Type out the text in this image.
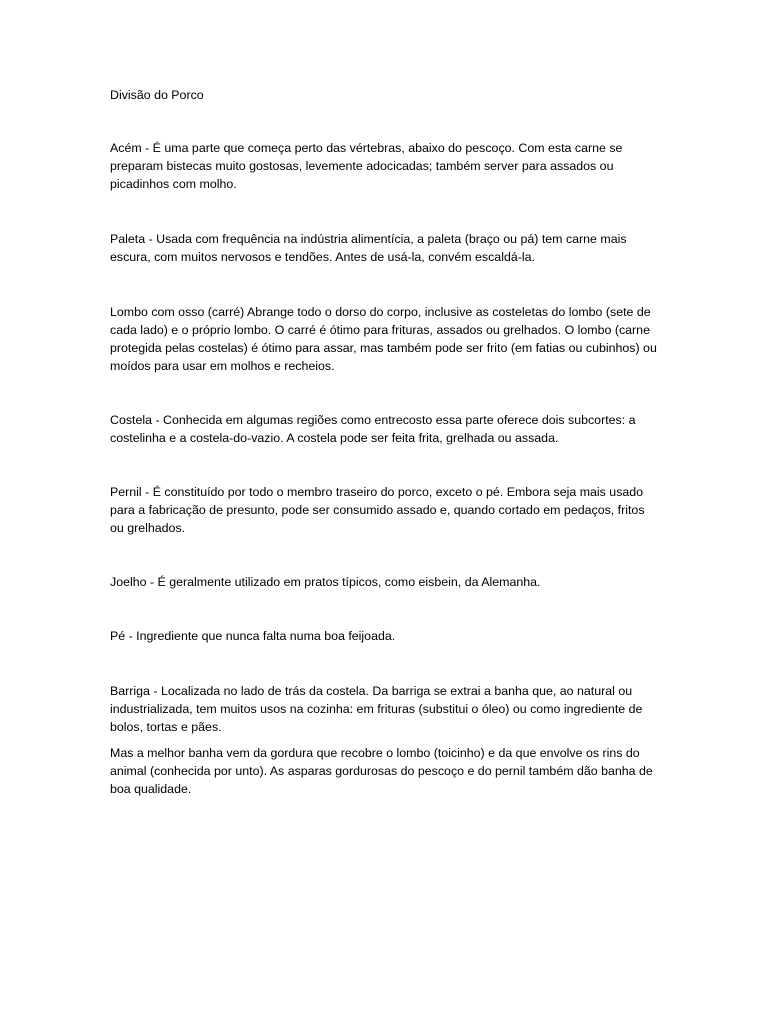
Divisão do Porco
Acém - É uma parte que começa perto das vértebras, abaixo do pescoço. Com esta carne se preparam bistecas muito gostosas, levemente adocicadas; também server para assados ou picadinhos com molho.
Paleta - Usada com frequência na indústria alimentícia, a paleta (braço ou pá) tem carne mais escura, com muitos nervosos e tendões. Antes de usá-la, convém escaldá-la.
Lombo com osso (carré) Abrange todo o dorso do corpo, inclusive as costeletas do lombo (sete de cada lado) e o próprio lombo. O carré é ótimo para frituras, assados ou grelhados. O lombo (carne protegida pelas costelas) é ótimo para assar, mas também pode ser frito (em fatias ou cubinhos) ou moídos para usar em molhos e recheios.
Costela - Conhecida em algumas regiões como entrecosto essa parte oferece dois subcortes: a costelinha e a costela-do-vazio. A costela pode ser feita frita, grelhada ou assada.
Pernil - É constituído por todo o membro traseiro do porco, exceto o pé. Embora seja mais usado para a fabricação de presunto, pode ser consumido assado e, quando cortado em pedaços, fritos ou grelhados.
Joelho - É geralmente utilizado em pratos típicos, como eisbein, da Alemanha.
Pé - Ingrediente que nunca falta numa boa feijoada.
Barriga - Localizada no lado de trás da costela. Da barriga se extrai a banha que, ao natural ou industrializada, tem muitos usos na cozinha: em frituras (substitui o óleo) ou como ingrediente de bolos, tortas e pães.
Mas a melhor banha vem da gordura que recobre o lombo (toicinho) e da que envolve os rins do animal (conhecida por unto). As asparas gordurosas do pescoço e do pernil também dão banha de boa qualidade.
